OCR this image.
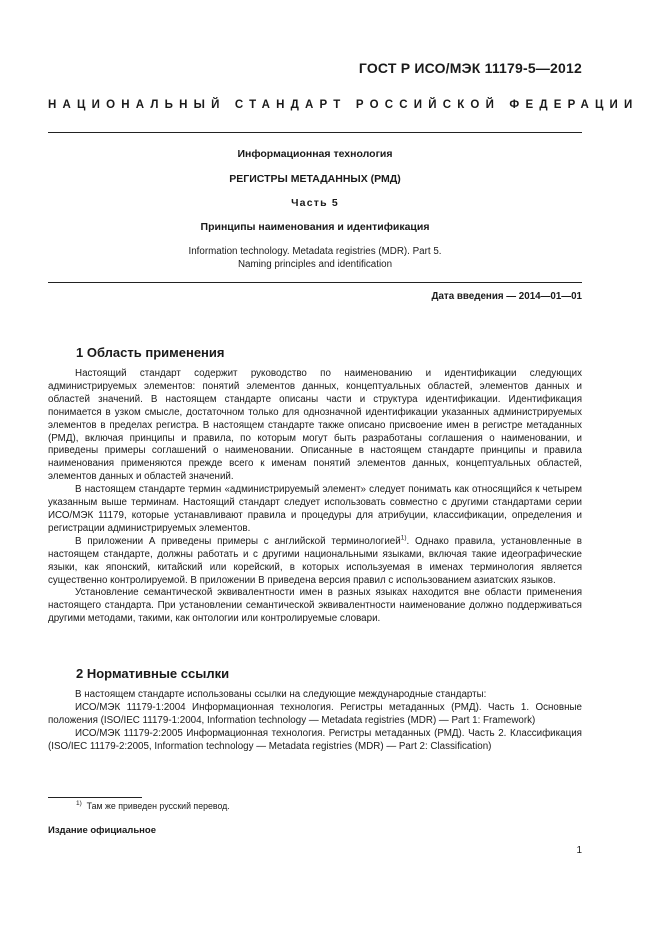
ГОСТ Р ИСО/МЭК 11179-5—2012
НАЦИОНАЛЬНЫЙ СТАНДАРТ РОССИЙСКОЙ ФЕДЕРАЦИИ
Информационная технология
РЕГИСТРЫ МЕТАДАННЫХ (РМД)
Часть 5
Принципы наименования и идентификация
Information technology. Metadata registries (MDR). Part 5.
Naming principles and identification
Дата введения — 2014—01—01
1 Область применения

Настоящий стандарт содержит руководство по наименованию и идентификации следующих администрируемых элементов: понятий элементов данных, концептуальных областей, элементов данных и областей значений. В настоящем стандарте описаны части и структура идентификации. Идентификация понимается в узком смысле, достаточном только для однозначной идентификации указанных администрируемых элементов в пределах регистра. В настоящем стандарте также описано присвоение имен в регистре метаданных (РМД), включая принципы и правила, по которым могут быть разработаны соглашения о наименовании, и приведены примеры соглашений о наименовании. Описанные в настоящем стандарте принципы и правила наименования применяются прежде всего к именам понятий элементов данных, концептуальных областей, элементов данных и областей значений.

В настоящем стандарте термин «администрируемый элемент» следует понимать как относящийся к четырем указанным выше терминам. Настоящий стандарт следует использовать совместно с другими стандартами серии ИСО/МЭК 11179, которые устанавливают правила и процедуры для атрибуции, классификации, определения и регистрации администрируемых элементов.

В приложении А приведены примеры с английской терминологией$^{1)}$. Однако правила, установленные в настоящем стандарте, должны работать и с другими национальными языками, включая такие идеографические языки, как японский, китайский или корейский, в которых используемая в именах терминология является существенно контролируемой. В приложении В приведена версия правил с использованием азиатских языков.

Установление семантической эквивалентности имен в разных языках находится вне области применения настоящего стандарта. При установлении семантической эквивалентности наименование должно поддерживаться другими методами, такими, как онтологии или контролируемые словари.

2 Нормативные ссылки

В настоящем стандарте использованы ссылки на следующие международные стандарты:

ИСО/МЭК 11179-1:2004 Информационная технология. Регистры метаданных (РМД). Часть 1. Основные положения (ISO/IEC 11179-1:2004, Information technology — Metadata registries (MDR) — Part 1: Framework)

ИСО/МЭК 11179-2:2005 Информационная технология. Регистры метаданных (РМД). Часть 2. Классификация (ISO/IEC 11179-2:2005, Information technology — Metadata registries (MDR) — Part 2: Classification)

$^{1)}$ Там же приведен русский перевод.
Издание официальное
1
